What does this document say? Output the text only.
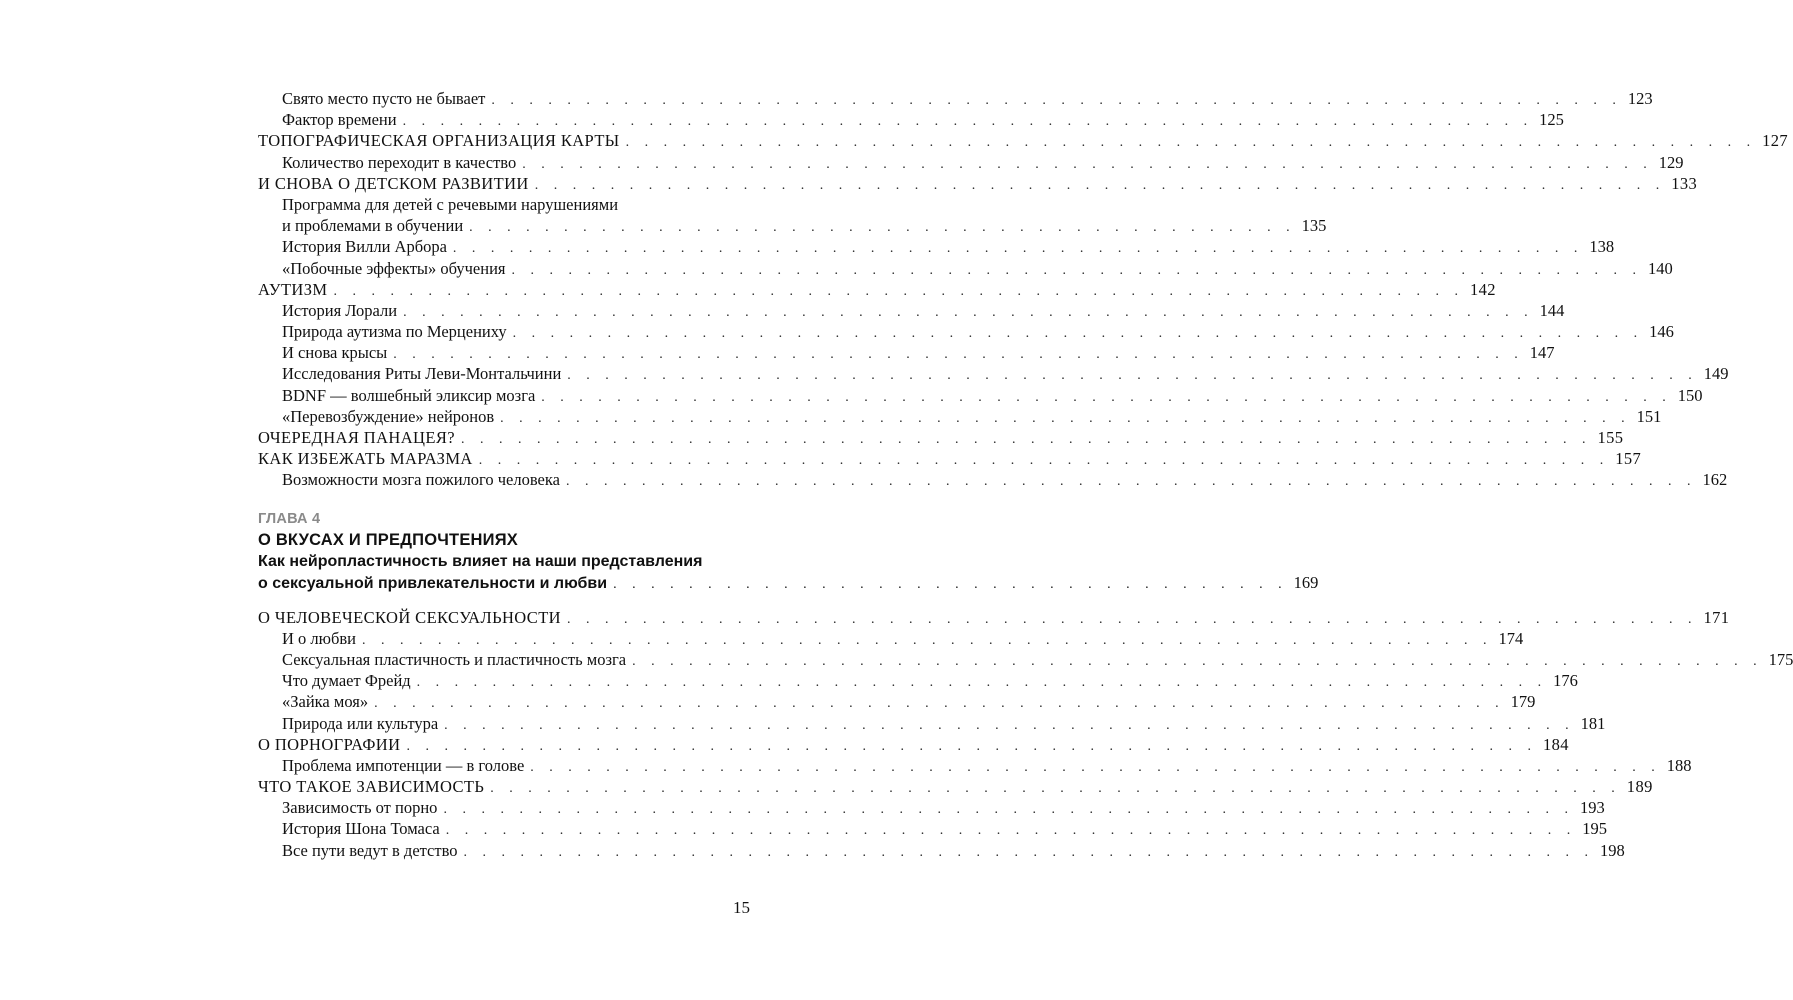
Свято место пусто не бывает . . . . . . . . . . . . . . . . . . . . . . . . . . . . . . . . . . . . . . . . . . . . . . . . . . . . . . . . . . . . 123
Фактор времени . . . . . . . . . . . . . . . . . . . . . . . . . . . . . . . . . . . . . . . . . . . . . . . . . . . . . . . . . . . . 125
ТОПОГРАФИЧЕСКАЯ ОРГАНИЗАЦИЯ КАРТЫ . . . . . . . . . . . . . . . . . . . . . . . . . . . . . . . . . . . . . . . . . . . . . . . . . . . . . . . . . . . . 127
Количество переходит в качество . . . . . . . . . . . . . . . . . . . . . . . . . . . . . . . . . . . . . . . . . . . . . . . . . . . . . . . . . . . . 129
И СНОВА О ДЕТСКОМ РАЗВИТИИ . . . . . . . . . . . . . . . . . . . . . . . . . . . . . . . . . . . . . . . . . . . . . . . . . . . . . . . . . . . . 133
Программа для детей с речевыми нарушениями
и проблемами в обучении . . . . . . . . . . . . . . . . . . . . . . . . . . . . . . . . . . . . . . . . . . . . 135
История Вилли Арбора . . . . . . . . . . . . . . . . . . . . . . . . . . . . . . . . . . . . . . . . . . . . . . . . . . . . . . . . . . . . 138
«Побочные эффекты» обучения . . . . . . . . . . . . . . . . . . . . . . . . . . . . . . . . . . . . . . . . . . . . . . . . . . . . . . . . . . . . 140
АУТИЗМ . . . . . . . . . . . . . . . . . . . . . . . . . . . . . . . . . . . . . . . . . . . . . . . . . . . . . . . . . . . . 142
История Лорали . . . . . . . . . . . . . . . . . . . . . . . . . . . . . . . . . . . . . . . . . . . . . . . . . . . . . . . . . . . . 144
Природа аутизма по Мерцениху . . . . . . . . . . . . . . . . . . . . . . . . . . . . . . . . . . . . . . . . . . . . . . . . . . . . . . . . . . . . 146
И снова крысы . . . . . . . . . . . . . . . . . . . . . . . . . . . . . . . . . . . . . . . . . . . . . . . . . . . . . . . . . . . . 147
Исследования Риты Леви-Монтальчини . . . . . . . . . . . . . . . . . . . . . . . . . . . . . . . . . . . . . . . . . . . . . . . . . . . . . . . . . . . . 149
BDNF — волшебный эликсир мозга . . . . . . . . . . . . . . . . . . . . . . . . . . . . . . . . . . . . . . . . . . . . . . . . . . . . . . . . . . . . 150
«Перевозбуждение» нейронов . . . . . . . . . . . . . . . . . . . . . . . . . . . . . . . . . . . . . . . . . . . . . . . . . . . . . . . . . . . . 151
ОЧЕРЕДНАЯ ПАНАЦЕЯ? . . . . . . . . . . . . . . . . . . . . . . . . . . . . . . . . . . . . . . . . . . . . . . . . . . . . . . . . . . . . 155
КАК ИЗБЕЖАТЬ МАРАЗМА . . . . . . . . . . . . . . . . . . . . . . . . . . . . . . . . . . . . . . . . . . . . . . . . . . . . . . . . . . . . 157
Возможности мозга пожилого человека . . . . . . . . . . . . . . . . . . . . . . . . . . . . . . . . . . . . . . . . . . . . . . . . . . . . . . . . . . . . 162
ГЛАВА 4
О ВКУСАХ И ПРЕДПОЧТЕНИЯХ
Как нейропластичность влияет на наши представления
о сексуальной привлекательности и любви . . . . . . . . . . . . . . . . . . . . . . . . . . . . . . . . . . . . 169
О ЧЕЛОВЕЧЕСКОЙ СЕКСУАЛЬНОСТИ . . . . . . . . . . . . . . . . . . . . . . . . . . . . . . . . . . . . . . . . . . . . . . . . . . . . . . . . . . . . 171
И о любви . . . . . . . . . . . . . . . . . . . . . . . . . . . . . . . . . . . . . . . . . . . . . . . . . . . . . . . . . . . . 174
Сексуальная пластичность и пластичность мозга . . . . . . . . . . . . . . . . . . . . . . . . . . . . . . . . . . . . . . . . . . . . . . . . . . . . . . . . . . . . 175
Что думает Фрейд . . . . . . . . . . . . . . . . . . . . . . . . . . . . . . . . . . . . . . . . . . . . . . . . . . . . . . . . . . . . 176
«Зайка моя» . . . . . . . . . . . . . . . . . . . . . . . . . . . . . . . . . . . . . . . . . . . . . . . . . . . . . . . . . . . . 179
Природа или культура . . . . . . . . . . . . . . . . . . . . . . . . . . . . . . . . . . . . . . . . . . . . . . . . . . . . . . . . . . . . 181
О ПОРНОГРАФИИ . . . . . . . . . . . . . . . . . . . . . . . . . . . . . . . . . . . . . . . . . . . . . . . . . . . . . . . . . . . . 184
Проблема импотенции — в голове . . . . . . . . . . . . . . . . . . . . . . . . . . . . . . . . . . . . . . . . . . . . . . . . . . . . . . . . . . . . 188
ЧТО ТАКОЕ ЗАВИСИМОСТЬ . . . . . . . . . . . . . . . . . . . . . . . . . . . . . . . . . . . . . . . . . . . . . . . . . . . . . . . . . . . . 189
Зависимость от порно . . . . . . . . . . . . . . . . . . . . . . . . . . . . . . . . . . . . . . . . . . . . . . . . . . . . . . . . . . . . 193
История Шона Томаса . . . . . . . . . . . . . . . . . . . . . . . . . . . . . . . . . . . . . . . . . . . . . . . . . . . . . . . . . . . . 195
Все пути ведут в детство . . . . . . . . . . . . . . . . . . . . . . . . . . . . . . . . . . . . . . . . . . . . . . . . . . . . . . . . . . . . 198
15
